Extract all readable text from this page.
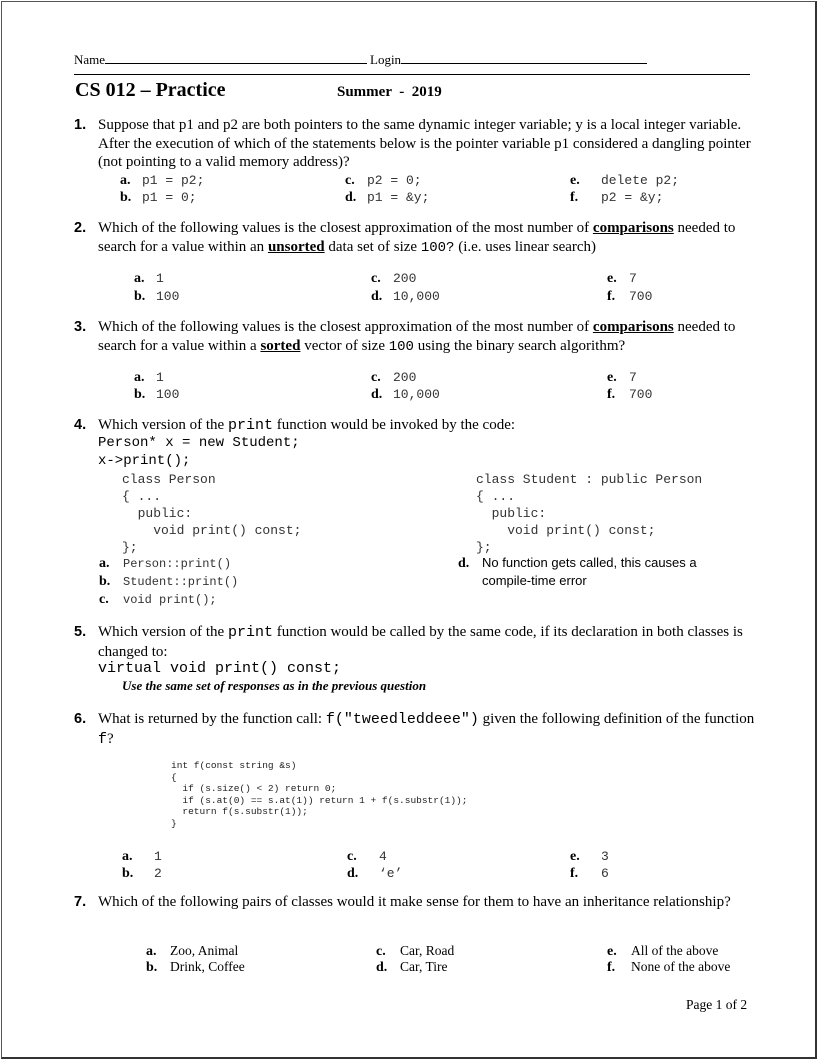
Name	Login
CS 012 – Practice	Summer  -  2019
1. Suppose that p1 and p2 are both pointers to the same dynamic integer variable; y is a local integer variable. After the execution of which of the statements below is the pointer variable p1 considered a dangling pointer (not pointing to a valid memory address)?
a. p1 = p2;
b. p1 = 0;
c. p2 = 0;
d. p1 = &y;
e. delete p2;
f. p2 = &y;
2. Which of the following values is the closest approximation of the most number of comparisons needed to search for a value within an unsorted data set of size 100? (i.e. uses linear search)
a. 1
b. 100
c. 200
d. 10,000
e. 7
f. 700
3. Which of the following values is the closest approximation of the most number of comparisons needed to search for a value within a sorted vector of size 100 using the binary search algorithm?
a. 1
b. 100
c. 200
d. 10,000
e. 7
f. 700
4. Which version of the print function would be invoked by the code:
Person* x = new Student;
x->print();
class Person
{ ...
public:
void print() const;
};
class Student : public Person
{ ...
public:
void print() const;
};
a. Person::print()
b. Student::print()
c. void print();
d. No function gets called, this causes a
compile-time error
5. Which version of the print function would be called by the same code, if its declaration in both classes is changed to:
virtual void print() const;
Use the same set of responses as in the previous question
6. What is returned by the function call: f("tweedleddeee") given the following definition of the function f?
int f(const string &s)
{
if (s.size() < 2) return 0;
if (s.at(0) == s.at(1)) return 1 + f(s.substr(1));
return f(s.substr(1));
}
a. 1
b. 2
c. 4
d. ‘e’
e. 3
f. 6
7. Which of the following pairs of classes would it make sense for them to have an inheritance relationship?
a. Zoo, Animal
b. Drink, Coffee
c. Car, Road
d. Car, Tire
e. All of the above
f. None of the above
Page 1 of 2
